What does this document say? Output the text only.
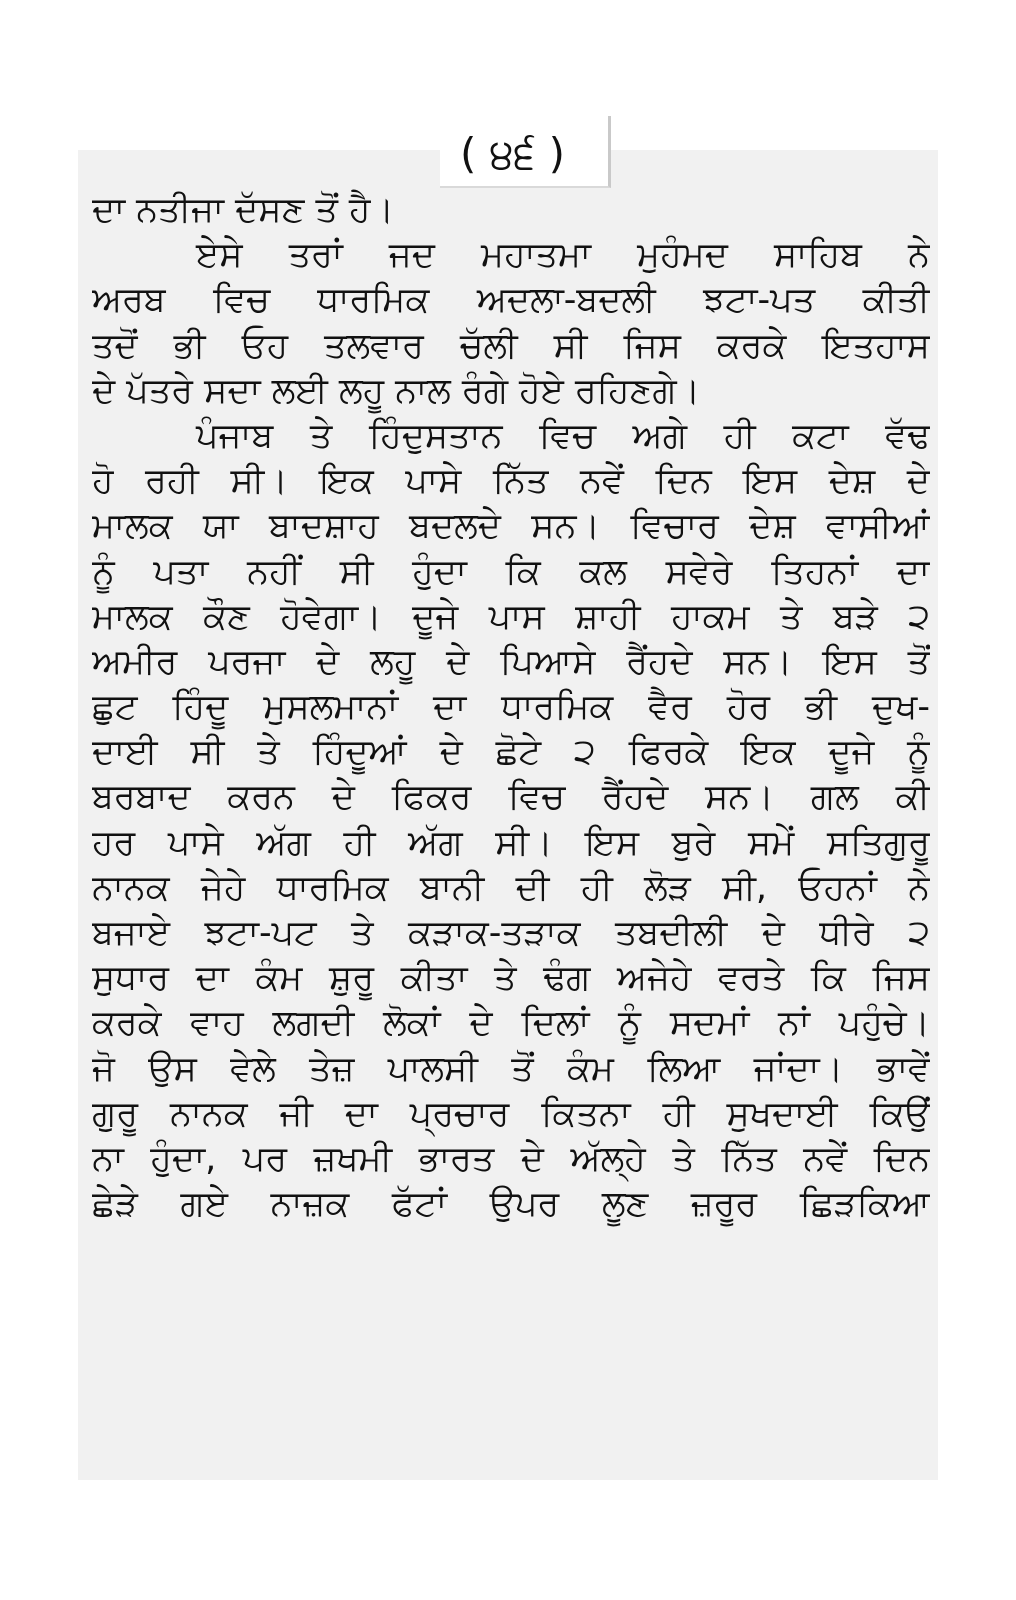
( ੪੬ )
ਦਾ ਨਤੀਜਾ ਦੱਸਣ ਤੋਂ ਹੈ।
ਏਸੇ ਤਰਾਂ ਜਦ ਮਹਾਤਮਾ ਮੁਹੰਮਦ ਸਾਹਿਬ ਨੇ
ਅਰਬ ਵਿਚ ਧਾਰਮਿਕ ਅਦਲਾ-ਬਦਲੀ ਝਟਾ-ਪਤ ਕੀਤੀ
ਤਦੋਂ ਭੀ ਓਹ ਤਲਵਾਰ ਚੱਲੀ ਸੀ ਜਿਸ ਕਰਕੇ ਇਤਹਾਸ
ਦੇ ਪੱਤਰੇ ਸਦਾ ਲਈ ਲਹੂ ਨਾਲ ਰੰਗੇ ਹੋਏ ਰਹਿਣਗੇ।
ਪੰਜਾਬ ਤੇ ਹਿੰਦੁਸਤਾਨ ਵਿਚ ਅਗੇ ਹੀ ਕਟਾ ਵੱਢ
ਹੋ ਰਹੀ ਸੀ। ਇਕ ਪਾਸੇ ਨਿੱਤ ਨਵੇਂ ਦਿਨ ਇਸ ਦੇਸ਼ ਦੇ
ਮਾਲਕ ਯਾ ਬਾਦਸ਼ਾਹ ਬਦਲਦੇ ਸਨ। ਵਿਚਾਰ ਦੇਸ਼ ਵਾਸੀਆਂ
ਨੂੰ ਪਤਾ ਨਹੀਂ ਸੀ ਹੁੰਦਾ ਕਿ ਕਲ ਸਵੇਰੇ ਤਿਹਨਾਂ ਦਾ
ਮਾਲਕ ਕੌਣ ਹੋਵੇਗਾ। ਦੂਜੇ ਪਾਸ ਸ਼ਾਹੀ ਹਾਕਮ ਤੇ ਬੜੇ ੨
ਅਮੀਰ ਪਰਜਾ ਦੇ ਲਹੂ ਦੇ ਪਿਆਸੇ ਰੈਂਹਦੇ ਸਨ। ਇਸ ਤੋਂ
ਛੁਟ ਹਿੰਦੂ ਮੁਸਲਮਾਨਾਂ ਦਾ ਧਾਰਮਿਕ ਵੈਰ ਹੋਰ ਭੀ ਦੁਖ-
ਦਾਈ ਸੀ ਤੇ ਹਿੰਦੂਆਂ ਦੇ ਛੋਟੇ ੨ ਫਿਰਕੇ ਇਕ ਦੂਜੇ ਨੂੰ
ਬਰਬਾਦ ਕਰਨ ਦੇ ਫਿਕਰ ਵਿਚ ਰੈਂਹਦੇ ਸਨ। ਗਲ ਕੀ
ਹਰ ਪਾਸੇ ਅੱਗ ਹੀ ਅੱਗ ਸੀ। ਇਸ ਬੁਰੇ ਸਮੇਂ ਸਤਿਗੁਰੂ
ਨਾਨਕ ਜੇਹੇ ਧਾਰਮਿਕ ਬਾਨੀ ਦੀ ਹੀ ਲੋੜ ਸੀ, ਓਹਨਾਂ ਨੇ
ਬਜਾਏ ਝਟਾ-ਪਟ ਤੇ ਕੜਾਕ-ਤੜਾਕ ਤਬਦੀਲੀ ਦੇ ਧੀਰੇ ੨
ਸੁਧਾਰ ਦਾ ਕੰਮ ਸ਼ੁਰੂ ਕੀਤਾ ਤੇ ਢੰਗ ਅਜੇਹੇ ਵਰਤੇ ਕਿ ਜਿਸ
ਕਰਕੇ ਵਾਹ ਲਗਦੀ ਲੋਕਾਂ ਦੇ ਦਿਲਾਂ ਨੂੰ ਸਦਮਾਂ ਨਾਂ ਪਹੁੰਚੇ।
ਜੋ ਉਸ ਵੇਲੇ ਤੇਜ਼ ਪਾਲਸੀ ਤੋਂ ਕੰਮ ਲਿਆ ਜਾਂਦਾ। ਭਾਵੇਂ
ਗੁਰੂ ਨਾਨਕ ਜੀ ਦਾ ਪ੍ਰਚਾਰ ਕਿਤਨਾ ਹੀ ਸੁਖਦਾਈ ਕਿਉਂ
ਨਾ ਹੁੰਦਾ, ਪਰ ਜ਼ਖਮੀ ਭਾਰਤ ਦੇ ਅੱਲ੍ਹੇ ਤੇ ਨਿੱਤ ਨਵੇਂ ਦਿਨ
ਛੇੜੇ ਗਏ ਨਾਜ਼ਕ ਫੱਟਾਂ ਉਪਰ ਲੂਣ ਜ਼ਰੂਰ ਛਿੜਕਿਆ
